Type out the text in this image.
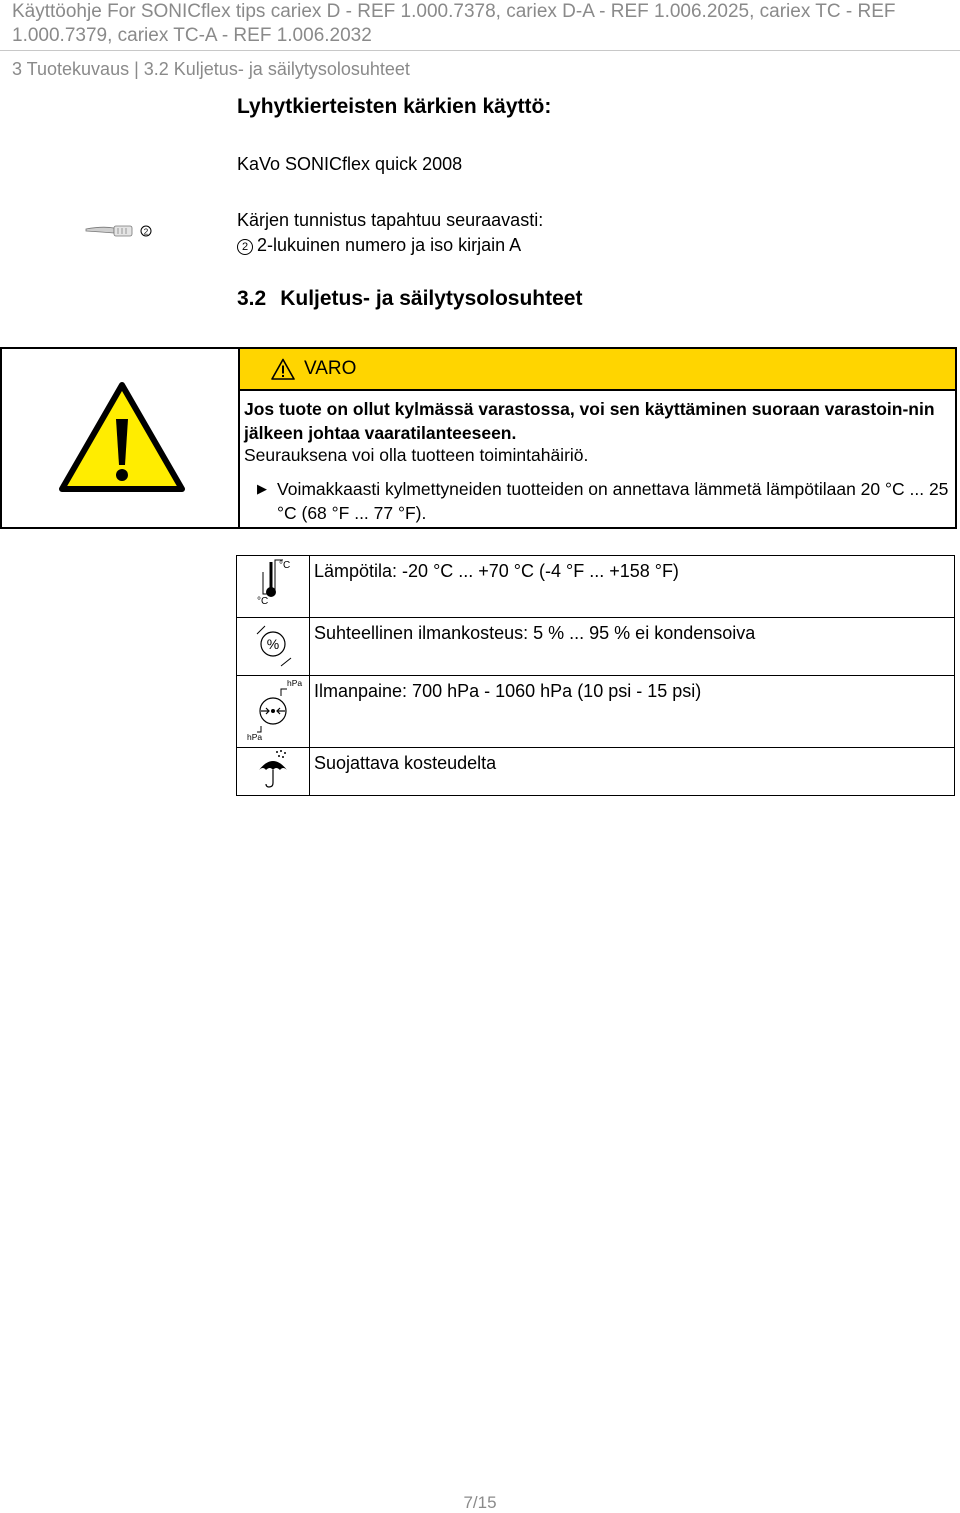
Käyttöohje For SONICflex tips cariex D - REF 1.000.7378, cariex D-A - REF 1.006.2025, cariex TC - REF 1.000.7379, cariex TC-A - REF 1.006.2032
3 Tuotekuvaus | 3.2 Kuljetus- ja säilytysolosuhteet
Lyhytkierteisten kärkien käyttö:
KaVo SONICflex quick 2008
2
Kärjen tunnistus tapahtuu seuraavasti:
2 2-lukuinen numero ja iso kirjain A
3.2 Kuljetus- ja säilytysolosuhteet
VARO
Jos tuote on ollut kylmässä varastossa, voi sen käyttäminen suoraan varastoin-nin jälkeen johtaa vaaratilanteeseen.
Seurauksena voi olla tuotteen toimintahäiriö.
▶ Voimakkaasti kylmettyneiden tuotteiden on annettava lämmetä lämpötilaan 20 °C ... 25 °C (68 °F ... 77 °F).
°C
°C	Lämpötila: -20 °C ... +70 °C (-4 °F ... +158 °F)

%	Suhteellinen ilmankosteus: 5 % ... 95 % ei kondensoiva

hPa
hPa	Ilmanpaine: 700 hPa - 1060 hPa (10 psi - 15 psi)
	Suojattava kosteudelta
7/15
